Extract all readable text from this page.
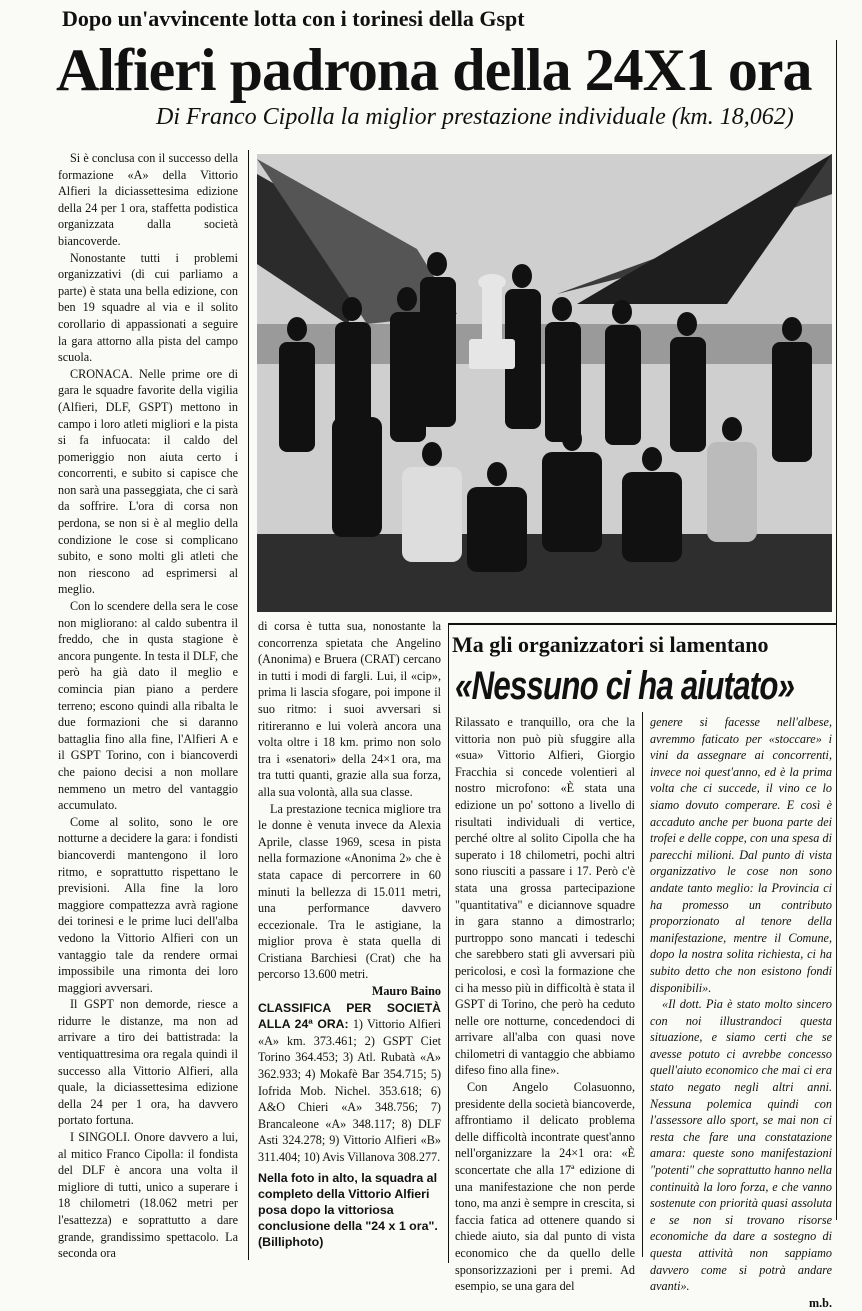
Dopo un'avvincente lotta con i torinesi della Gspt
Alfieri padrona della 24X1 ora
Di Franco Cipolla la miglior prestazione individuale (km. 18,062)

Si è conclusa con il successo della formazione «A» della Vittorio Alfieri la diciassettesima edizione della 24 per 1 ora, staffetta podistica organizzata dalla società biancoverde.

Nonostante tutti i problemi organizzativi (di cui parliamo a parte) è stata una bella edizione, con ben 19 squadre al via e il solito corollario di appassionati a seguire la gara attorno alla pista del campo scuola.

CRONACA. Nelle prime ore di gara le squadre favorite della vigilia (Alfieri, DLF, GSPT) mettono in campo i loro atleti migliori e la pista si fa infuocata: il caldo del pomeriggio non aiuta certo i concorrenti, e subito si capisce che non sarà una passeggiata, che ci sarà da soffrire. L'ora di corsa non perdona, se non si è al meglio della condizione le cose si complicano subito, e sono molti gli atleti che non riescono ad esprimersi al meglio.

Con lo scendere della sera le cose non migliorano: al caldo subentra il freddo, che in qusta stagione è ancora pungente. In testa il DLF, che però ha già dato il meglio e comincia pian piano a perdere terreno; escono quindi alla ribalta le due formazioni che si daranno battaglia fino alla fine, l'Alfieri A e il GSPT Torino, con i biancoverdi che paiono decisi a non mollare nemmeno un metro del vantaggio accumulato.

Come al solito, sono le ore notturne a decidere la gara: i fondisti biancoverdi mantengono il loro ritmo, e soprattutto rispettano le previsioni. Alla fine la loro maggiore compattezza avrà ragione dei torinesi e le prime luci dell'alba vedono la Vittorio Alfieri con un vantaggio tale da rendere ormai impossibile una rimonta dei loro maggiori avversari.

Il GSPT non demorde, riesce a ridurre le distanze, ma non ad arrivare a tiro dei battistrada: la ventiquattresima ora regala quindi il successo alla Vittorio Alfieri, alla quale, la diciassettesima edizione della 24 per 1 ora, ha davvero portato fortuna.

I SINGOLI. Onore davvero a lui, al mitico Franco Cipolla: il fondista del DLF è ancora una volta il migliore di tutti, unico a superare i 18 chilometri (18.062 metri per l'esattezza) e soprattutto a dare grande, grandissimo spettacolo. La seconda ora

di corsa è tutta sua, nonostante la concorrenza spietata che Angelino (Anonima) e Bruera (CRAT) cercano in tutti i modi di fargli. Lui, il «cip», prima li lascia sfogare, poi impone il suo ritmo: i suoi avversari si ritireranno e lui volerà ancora una volta oltre i 18 km. primo non solo tra i «senatori» della 24×1 ora, ma tra tutti quanti, grazie alla sua forza, alla sua volontà, alla sua classe.

La prestazione tecnica migliore tra le donne è venuta invece da Alexia Aprile, classe 1969, scesa in pista nella formazione «Anonima 2» che è stata capace di percorrere in 60 minuti la bellezza di 15.011 metri, una performance davvero eccezionale. Tra le astigiane, la miglior prova è stata quella di Cristiana Barchiesi (Crat) che ha percorso 13.600 metri.

Mauro Baino
CLASSIFICA PER SOCIETÀ ALLA 24ª ORA: 1) Vittorio Alfieri «A» km. 373.461; 2) GSPT Ciet Torino 364.453; 3) Atl. Rubatà «A» 362.933; 4) Mokafè Bar 354.715; 5) Iofrida Mob. Nichel. 353.618; 6) A&O Chieri «A» 348.756; 7) Brancaleone «A» 348.117; 8) DLF Asti 324.278; 9) Vittorio Alfieri «B» 311.404; 10) Avis Villanova 308.277.
Nella foto in alto, la squadra al completo della Vittorio Alfieri posa dopo la vittoriosa conclusione della "24 x 1 ora". (Billiphoto)
Ma gli organizzatori si lamentano
«Nessuno ci ha aiutato»

Rilassato e tranquillo, ora che la vittoria non può più sfuggire alla «sua» Vittorio Alfieri, Giorgio Fracchia si concede volentieri al nostro microfono: «È stata una edizione un po' sottono a livello di risultati individuali di vertice, perché oltre al solito Cipolla che ha superato i 18 chilometri, pochi altri sono riusciti a passare i 17. Però c'è stata una grossa partecipazione "quantitativa" e diciannove squadre in gara stanno a dimostrarlo; purtroppo sono mancati i tedeschi che sarebbero stati gli avversari più pericolosi, e così la formazione che ci ha messo più in difficoltà è stata il GSPT di Torino, che però ha ceduto nelle ore notturne, concedendoci di arrivare all'alba con quasi nove chilometri di vantaggio che abbiamo difeso fino alla fine».

Con Angelo Colasuonno, presidente della società biancoverde, affrontiamo il delicato problema delle difficoltà incontrate quest'anno nell'organizzare la 24×1 ora: «È sconcertate che alla 17ª edizione di una manifestazione che non perde tono, ma anzi è sempre in crescita, si faccia fatica ad ottenere quando si chiede aiuto, sia dal punto di vista economico che da quello delle sponsorizzazioni per i premi. Ad esempio, se una gara del

genere si facesse nell'albese, avremmo faticato per «stoccare» i vini da assegnare ai concorrenti, invece noi quest'anno, ed è la prima volta che ci succede, il vino ce lo siamo dovuto comperare. E così è accaduto anche per buona parte dei trofei e delle coppe, con una spesa di parecchi milioni. Dal punto di vista organizzativo le cose non sono andate tanto meglio: la Provincia ci ha promesso un contributo proporzionato al tenore della manifestazione, mentre il Comune, dopo la nostra solita richiesta, ci ha subito detto che non esistono fondi disponibili».

«Il dott. Pia è stato molto sincero con noi illustrandoci questa situazione, e siamo certi che se avesse potuto ci avrebbe concesso quell'aiuto economico che mai ci era stato negato negli altri anni. Nessuna polemica quindi con l'assessore allo sport, se mai non ci resta che fare una constatazione amara: queste sono manifestazioni "potenti" che soprattutto hanno nella continuità la loro forza, e che vanno sostenute con priorità quasi assoluta e se non si trovano risorse economiche da dare a sostegno di questa attività non sappiamo davvero come si potrà andare avanti».

m.b.
